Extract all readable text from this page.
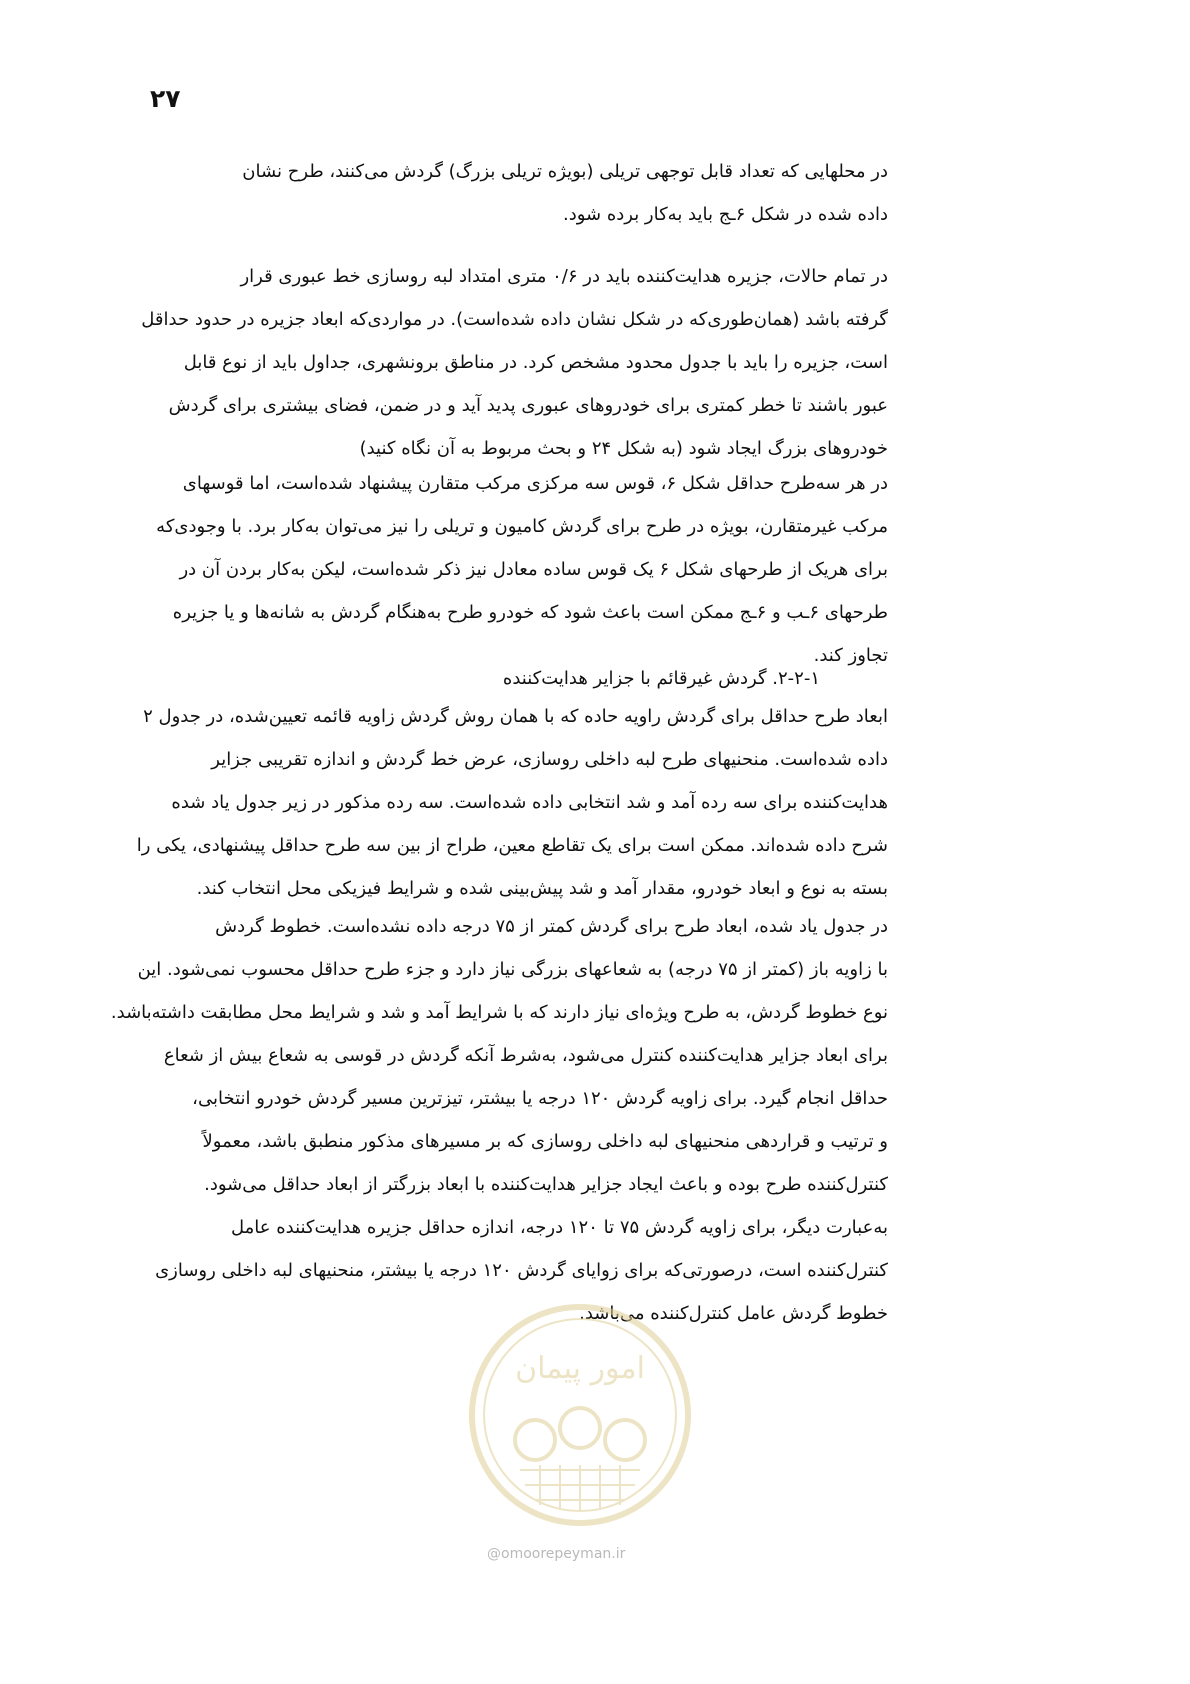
۲۷
در محلهایی که تعداد قابل توجهی تریلی (بویژه تریلی بزرگ) گردش می‌کنند، طرح نشان
داده شده در شکل ۶ـج باید به‌کار برده شود.
در تمام حالات، جزیره هدایت‌کننده باید در ۰/۶ متری امتداد لبه روسازی خط عبوری قرار
گرفته باشد (همان‌طوری‌که در شکل نشان داده شده‌است). در مواردی‌که ابعاد جزیره در حدود حداقل
است، جزیره را باید با جدول محدود مشخص کرد. در مناطق برونشهری، جداول باید از نوع قابل
عبور باشند تا خطر کمتری برای خودروهای عبوری پدید آید و در ضمن، فضای بیشتری برای گردش
خودروهای بزرگ ایجاد شود (به شکل ۲۴ و بحث مربوط به آن نگاه کنید)
در هر سه‌طرح حداقل شکل ۶، قوس سه مرکزی مرکب متقارن پیشنهاد شده‌است، اما قوسهای
مرکب غیرمتقارن، بویژه در طرح برای گردش کامیون و تریلی را نیز می‌توان به‌کار برد. با وجودی‌که
برای هریک از طرحهای شکل ۶ یک قوس ساده معادل نیز ذکر شده‌است، لیکن به‌کار بردن آن در
طرحهای ۶ـب و ۶ـج ممکن است باعث شود که خودرو طرح به‌هنگام گردش به شانه‌ها و یا جزیره
تجاوز کند.
۲-۲-۱. گردش غیرقائم با جزایر هدایت‌کننده
ابعاد طرح حداقل برای گردش راویه حاده که با همان روش گردش زاویه قائمه تعیین‌شده، در جدول ۲
داده شده‌است. منحنیهای طرح لبه داخلی روسازی، عرض خط گردش و اندازه تقریبی جزایر
هدایت‌کننده برای سه رده آمد و شد انتخابی داده شده‌است. سه رده مذکور در زیر جدول یاد شده
شرح داده شده‌اند. ممکن است برای یک تقاطع معین، طراح از بین سه طرح حداقل پیشنهادی، یکی را
بسته به نوع و ابعاد خودرو، مقدار آمد و شد پیش‌بینی شده و شرایط فیزیکی محل انتخاب کند.
در جدول یاد شده، ابعاد طرح برای گردش کمتر از ۷۵ درجه داده نشده‌است. خطوط گردش
با زاویه باز (کمتر از ۷۵ درجه) به شعاعهای بزرگی نیاز دارد و جزء طرح حداقل محسوب نمی‌شود. این
نوع خطوط گردش، به طرح ویژه‌ای نیاز دارند که با شرایط آمد و شد و شرایط محل مطابقت داشته‌باشد.
برای ابعاد جزایر هدایت‌کننده کنترل می‌شود، به‌شرط آنکه گردش در قوسی به شعاع بیش از شعاع
حداقل انجام گیرد. برای زاویه گردش ۱۲۰ درجه یا بیشتر، تیزترین مسیر گردش خودرو انتخابی،
و ترتیب و قراردهی منحنیهای لبه داخلی روسازی که بر مسیرهای مذکور منطبق باشد، معمولاً
کنترل‌کننده طرح بوده و باعث ایجاد جزایر هدایت‌کننده با ابعاد بزرگتر از ابعاد حداقل می‌شود.
به‌عبارت دیگر، برای زاویه گردش ۷۵ تا ۱۲۰ درجه، اندازه حداقل جزیره هدایت‌کننده عامل
کنترل‌کننده است، درصورتی‌که برای زوایای گردش ۱۲۰ درجه یا بیشتر، منحنیهای لبه داخلی روسازی
خطوط گردش عامل کنترل‌کننده می‌باشد.
امور پیمان
@omoorepeyman.ir
